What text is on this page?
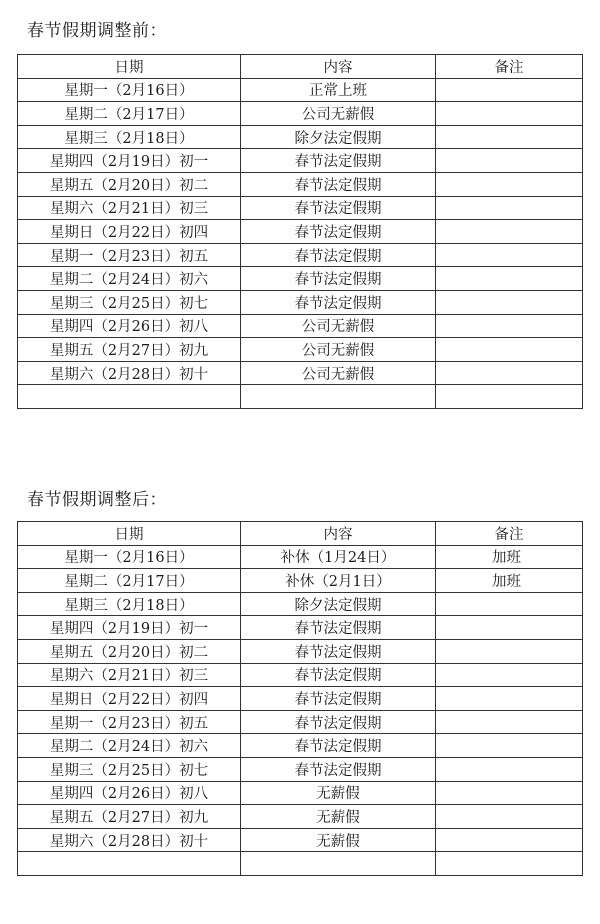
春节假期调整前：
日期	内容	备注
星期一（2月16日）	正常上班	
星期二（2月17日）	公司无薪假	
星期三（2月18日）	除夕法定假期	
星期四（2月19日）初一	春节法定假期	
星期五（2月20日）初二	春节法定假期	
星期六（2月21日）初三	春节法定假期	
星期日（2月22日）初四	春节法定假期	
星期一（2月23日）初五	春节法定假期	
星期二（2月24日）初六	春节法定假期	
星期三（2月25日）初七	春节法定假期	
星期四（2月26日）初八	公司无薪假	
星期五（2月27日）初九	公司无薪假	
星期六（2月28日）初十	公司无薪假	

春节假期调整后：
日期	内容	备注
星期一（2月16日）	补休（1月24日）	加班
星期二（2月17日）	补休（2月1日）	加班
星期三（2月18日）	除夕法定假期	
星期四（2月19日）初一	春节法定假期	
星期五（2月20日）初二	春节法定假期	
星期六（2月21日）初三	春节法定假期	
星期日（2月22日）初四	春节法定假期	
星期一（2月23日）初五	春节法定假期	
星期二（2月24日）初六	春节法定假期	
星期三（2月25日）初七	春节法定假期	
星期四（2月26日）初八	无薪假	
星期五（2月27日）初九	无薪假	
星期六（2月28日）初十	无薪假	
